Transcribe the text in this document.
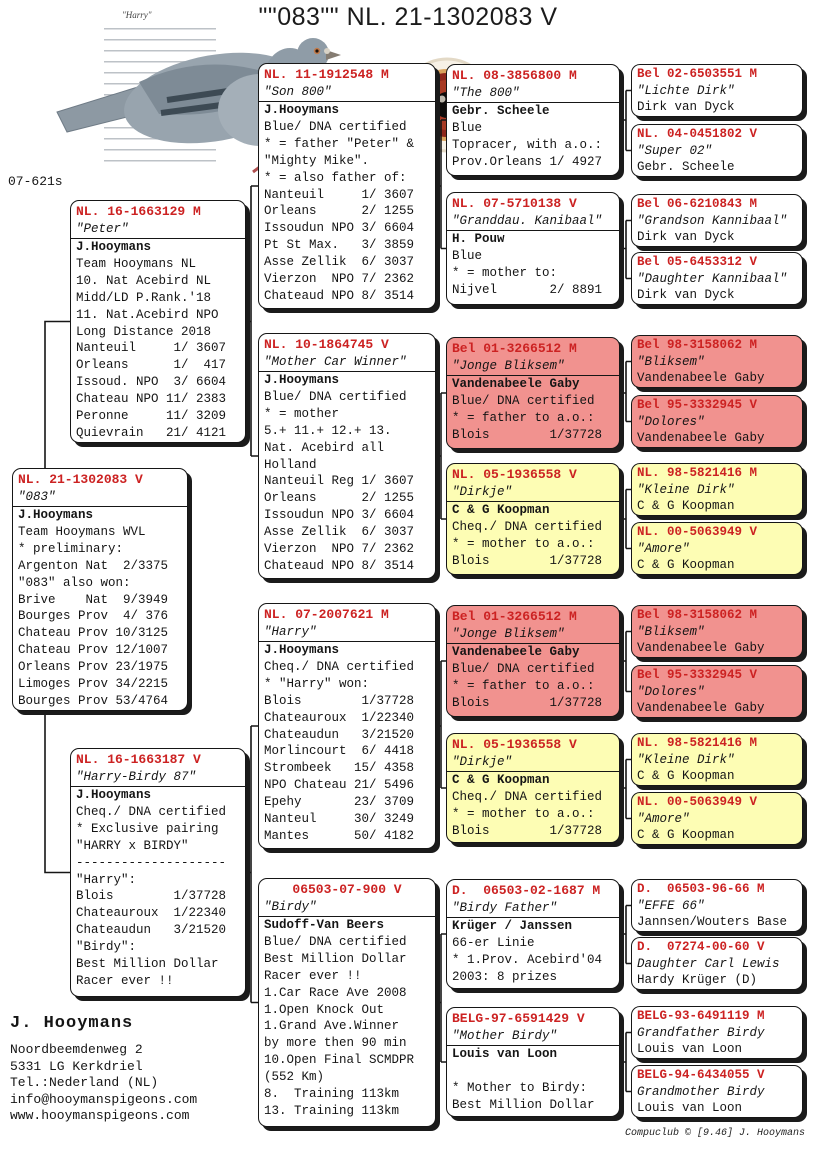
""083"" NL. 21-1302083 V
"Harry"
07-621s
NL. 16-1663129 M
"Peter"
J.Hooymans
Team Hooymans NL
10. Nat Acebird NL
Midd/LD P.Rank.'18
11. Nat.Acebird NPO
Long Distance 2018
Nanteuil     1/ 3607
Orleans      1/  417
Issoud. NPO  3/ 6604
Chateau NPO 11/ 2383
Peronne     11/ 3209
Quievrain   21/ 4121
NL. 21-1302083 V
"083"
J.Hooymans
Team Hooymans WVL
* preliminary:
Argenton Nat  2/3375
"083" also won:
Brive    Nat  9/3949
Bourges Prov  4/ 376
Chateau Prov 10/3125
Chateau Prov 12/1007
Orleans Prov 23/1975
Limoges Prov 34/2215
Bourges Prov 53/4764
NL. 16-1663187 V
"Harry-Birdy 87"
J.Hooymans
Cheq./ DNA certified
* Exclusive pairing
"HARRY x BIRDY"
--------------------
"Harry":
Blois        1/37728
Chateauroux  1/22340
Chateaudun   3/21520
"Birdy":
Best Million Dollar
Racer ever !!
NL. 11-1912548 M
"Son 800"
J.Hooymans
Blue/ DNA certified
* = father "Peter" &
"Mighty Mike".
* = also father of:
Nanteuil     1/ 3607
Orleans      2/ 1255
Issoudun NPO 3/ 6604
Pt St Max.   3/ 3859
Asse Zellik  6/ 3037
Vierzon  NPO 7/ 2362
Chateaud NPO 8/ 3514
NL. 10-1864745 V
"Mother Car Winner"
J.Hooymans
Blue/ DNA certified
* = mother
5.+ 11.+ 12.+ 13.
Nat. Acebird all
Holland
Nanteuil Reg 1/ 3607
Orleans      2/ 1255
Issoudun NPO 3/ 6604
Asse Zellik  6/ 3037
Vierzon  NPO 7/ 2362
Chateaud NPO 8/ 3514
NL. 07-2007621 M
"Harry"
J.Hooymans
Cheq./ DNA certified
* "Harry" won:
Blois        1/37728
Chateauroux  1/22340
Chateaudun   3/21520
Morlincourt  6/ 4418
Strombeek   15/ 4358
NPO Chateau 21/ 5496
Epehy       23/ 3709
Nanteul     30/ 3249
Mantes      50/ 4182
06503-07-900 V
"Birdy"
Sudoff-Van Beers
Blue/ DNA certified
Best Million Dollar
Racer ever !!
1.Car Race Ave 2008
1.Open Knock Out
1.Grand Ave.Winner
by more then 90 min
10.Open Final SCMDPR
(552 Km)
8.  Training 113km
13. Training 113km
NL. 08-3856800 M
"The 800"
Gebr. Scheele
Blue
Topracer, with a.o.:
Prov.Orleans 1/ 4927
NL. 07-5710138 V
"Granddau. Kanibaal"
H. Pouw
Blue
* = mother to:
Nijvel       2/ 8891
Bel 01-3266512 M
"Jonge Bliksem"
Vandenabeele Gaby
Blue/ DNA certified
* = father to a.o.:
Blois        1/37728
NL. 05-1936558 V
"Dirkje"
C & G Koopman
Cheq./ DNA certified
* = mother to a.o.:
Blois        1/37728
Bel 01-3266512 M
"Jonge Bliksem"
Vandenabeele Gaby
Blue/ DNA certified
* = father to a.o.:
Blois        1/37728
NL. 05-1936558 V
"Dirkje"
C & G Koopman
Cheq./ DNA certified
* = mother to a.o.:
Blois        1/37728
D.  06503-02-1687 M
"Birdy Father"
Krüger / Janssen
66-er Linie
* 1.Prov. Acebird'04
2003: 8 prizes
BELG-97-6591429 V
"Mother Birdy"
Louis van Loon

* Mother to Birdy:
Best Million Dollar
Bel 02-6503551 M
"Lichte Dirk"
Dirk van Dyck
NL. 04-0451802 V
"Super 02"
Gebr. Scheele
Bel 06-6210843 M
"Grandson Kannibaal"
Dirk van Dyck
Bel 05-6453312 V
"Daughter Kannibaal"
Dirk van Dyck
Bel 98-3158062 M
"Bliksem"
Vandenabeele Gaby
Bel 95-3332945 V
"Dolores"
Vandenabeele Gaby
NL. 98-5821416 M
"Kleine Dirk"
C & G Koopman
NL. 00-5063949 V
"Amore"
C & G Koopman
Bel 98-3158062 M
"Bliksem"
Vandenabeele Gaby
Bel 95-3332945 V
"Dolores"
Vandenabeele Gaby
NL. 98-5821416 M
"Kleine Dirk"
C & G Koopman
NL. 00-5063949 V
"Amore"
C & G Koopman
D.  06503-96-66 M
"EFFE 66"
Jannsen/Wouters Base
D.  07274-00-60 V
Daughter Carl Lewis
Hardy Krüger (D)
BELG-93-6491119 M
Grandfather Birdy
Louis van Loon
BELG-94-6434055 V
Grandmother Birdy
Louis van Loon
J. Hooymans
Noordbeemdenweg 2
5331 LG Kerkdriel
Tel.:Nederland (NL)
info@hooymanspigeons.com
www.hooymanspigeons.com
Compuclub © [9.46] J. Hooymans
